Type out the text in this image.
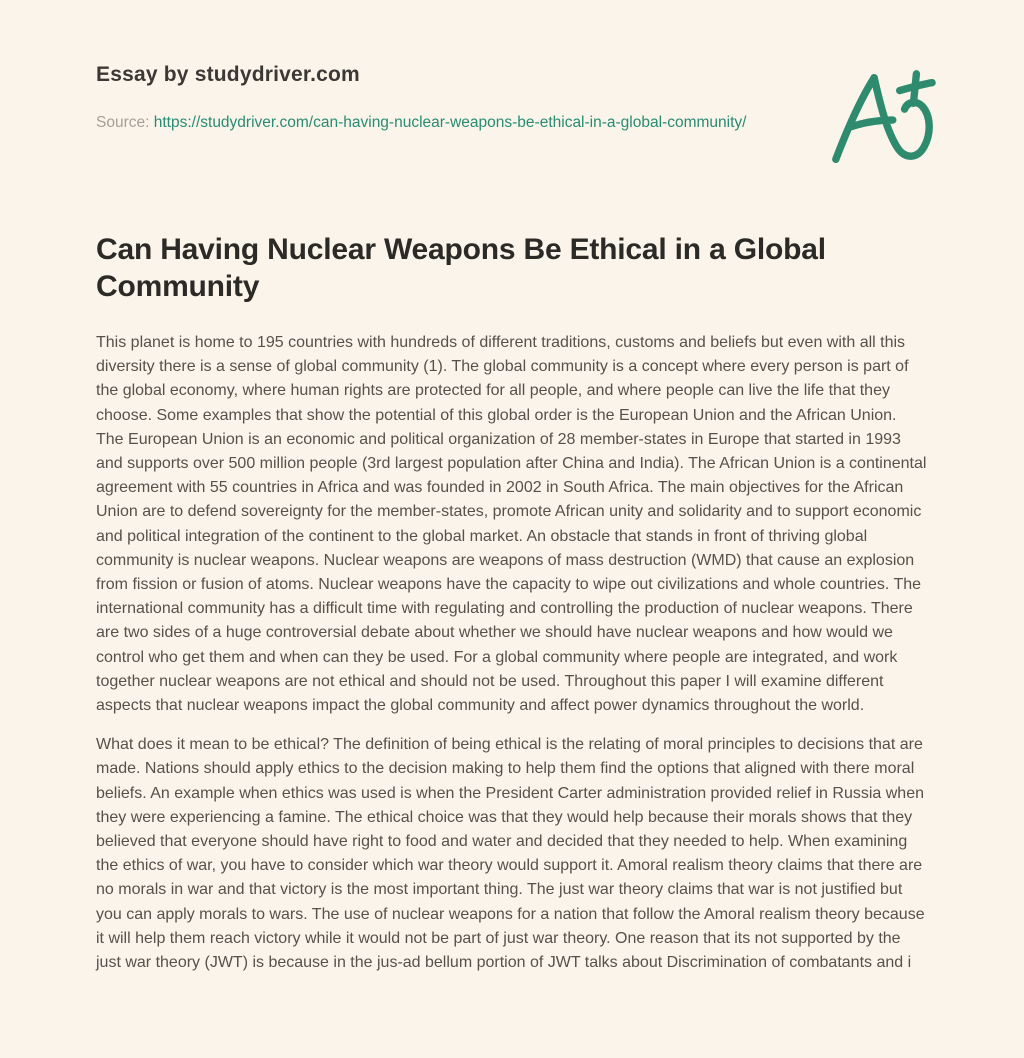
Essay by studydriver.com

Source: https://studydriver.com/can-having-nuclear-weapons-be-ethical-in-a-global-community/

Can Having Nuclear Weapons Be Ethical in a Global Community

This planet is home to 195 countries with hundreds of different traditions, customs and beliefs but even with all this diversity there is a sense of global community (1). The global community is a concept where every person is part of the global economy, where human rights are protected for all people, and where people can live the life that they choose. Some examples that show the potential of this global order is the European Union and the African Union. The European Union is an economic and political organization of 28 member-states in Europe that started in 1993 and supports over 500 million people (3rd largest population after China and India). The African Union is a continental agreement with 55 countries in Africa and was founded in 2002 in South Africa. The main objectives for the African Union are to defend sovereignty for the member-states, promote African unity and solidarity and to support economic and political integration of the continent to the global market. An obstacle that stands in front of thriving global community is nuclear weapons. Nuclear weapons are weapons of mass destruction (WMD) that cause an explosion from fission or fusion of atoms. Nuclear weapons have the capacity to wipe out civilizations and whole countries. The international community has a difficult time with regulating and controlling the production of nuclear weapons. There are two sides of a huge controversial debate about whether we should have nuclear weapons and how would we control who get them and when can they be used. For a global community where people are integrated, and work together nuclear weapons are not ethical and should not be used. Throughout this paper I will examine different aspects that nuclear weapons impact the global community and affect power dynamics throughout the world.

What does it mean to be ethical? The definition of being ethical is the relating of moral principles to decisions that are made. Nations should apply ethics to the decision making to help them find the options that aligned with there moral beliefs. An example when ethics was used is when the President Carter administration provided relief in Russia when they were experiencing a famine. The ethical choice was that they would help because their morals shows that they believed that everyone should have right to food and water and decided that they needed to help. When examining the ethics of war, you have to consider which war theory would support it. Amoral realism theory claims that there are no morals in war and that victory is the most important thing. The just war theory claims that war is not justified but you can apply morals to wars. The use of nuclear weapons for a nation that follow the Amoral realism theory because it will help them reach victory while it would not be part of just war theory. One reason that its not supported by the just war theory (JWT) is because in the jus-ad bellum portion of JWT talks about Discrimination of combatants and i
